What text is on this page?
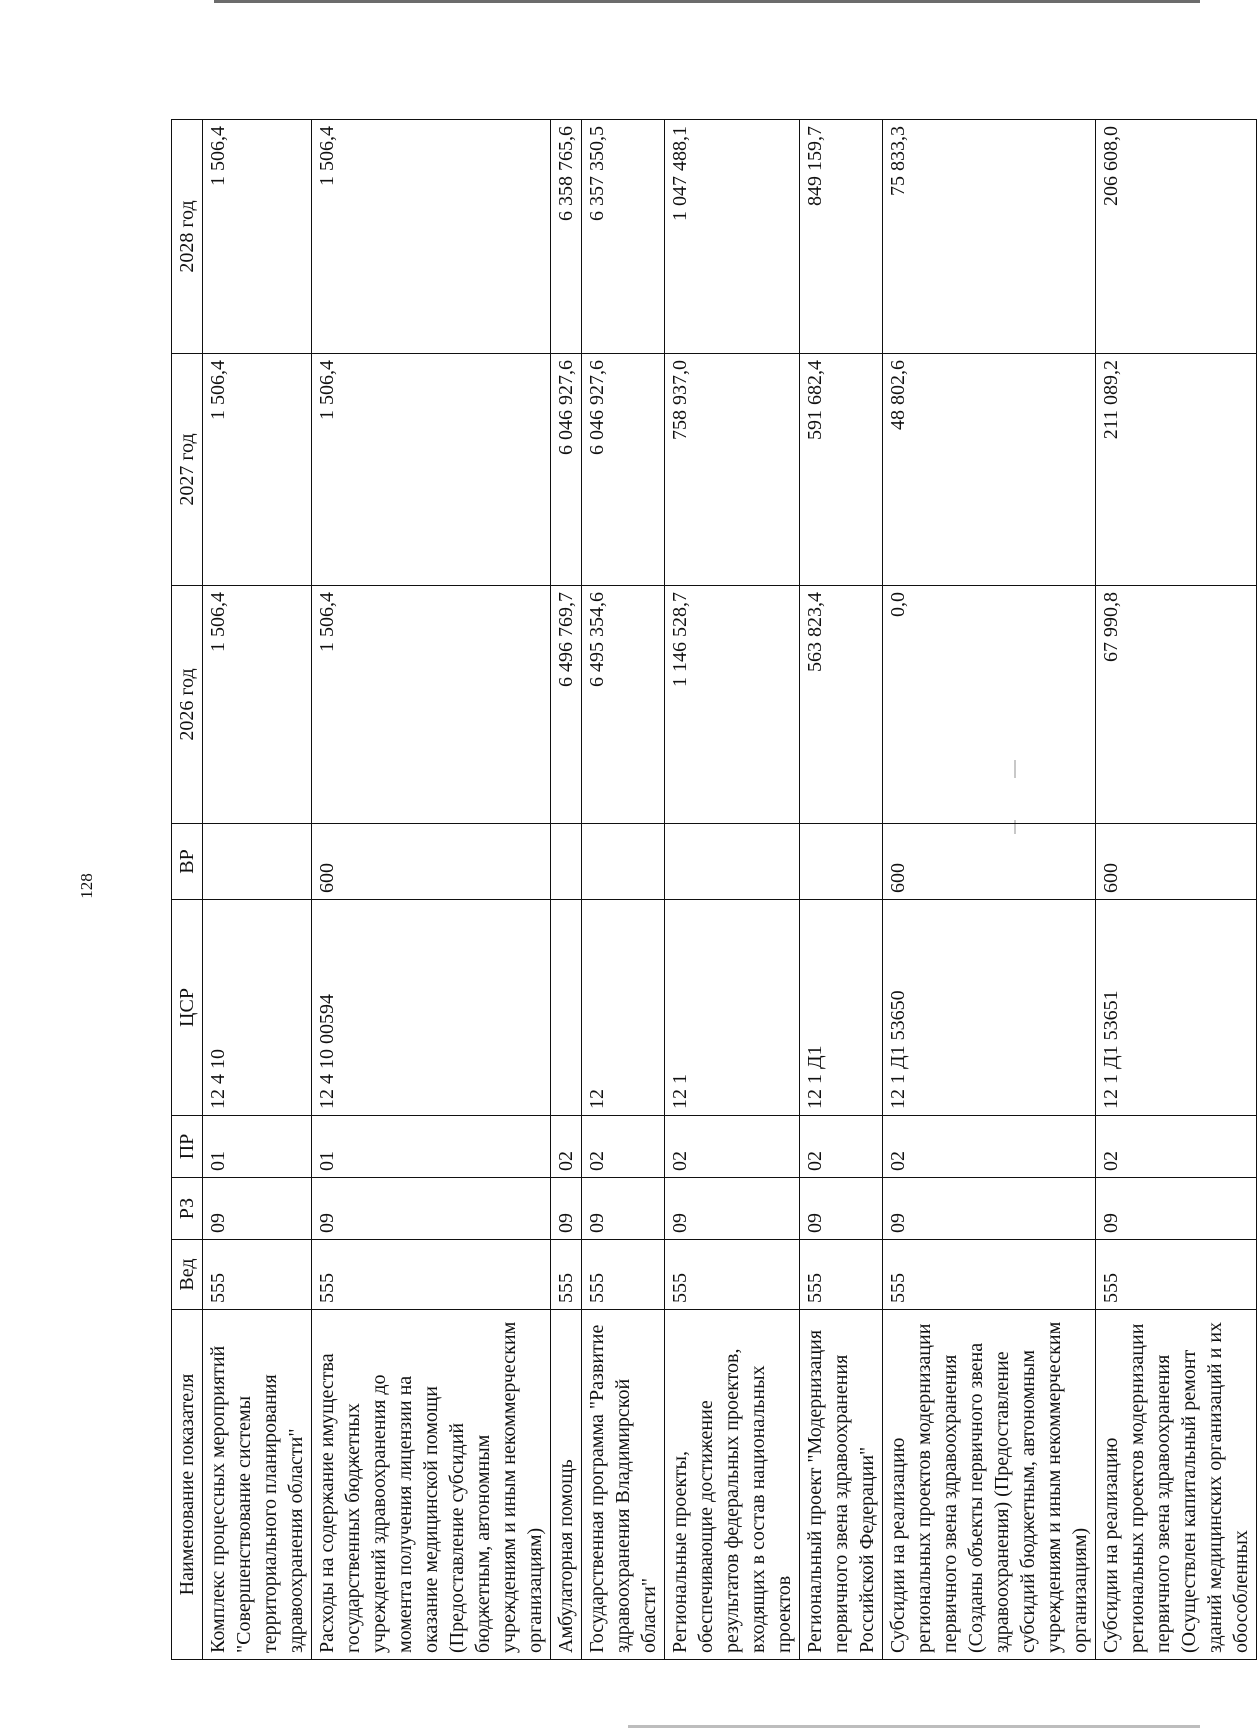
128
Наименование показателя	Вед	РЗ	ПР	ЦСР	ВР	2026 год	2027 год	2028 год
Комплекс процессных мероприятий "Совершенствование системы территориального планирования здравоохранения области"	555	09	01	12 4 10		1 506,4	1 506,4	1 506,4
Расходы на содержание имущества государственных бюджетных учреждений здравоохранения до момента получения лицензии на оказание медицинской помощи (Предоставление субсидий бюджетным, автономным учреждениям и иным некоммерческим организациям)	555	09	01	12 4 10 00594	600	1 506,4	1 506,4	1 506,4
Амбулаторная помощь	555	09	02			6 496 769,7	6 046 927,6	6 358 765,6
Государственная программа "Развитие здравоохранения Владимирской области"	555	09	02	12		6 495 354,6	6 046 927,6	6 357 350,5
Региональные проекты, обеспечивающие достижение результатов федеральных проектов, входящих в состав национальных проектов	555	09	02	12 1		1 146 528,7	758 937,0	1 047 488,1
Региональный проект "Модернизация первичного звена здравоохранения Российской Федерации"	555	09	02	12 1 Д1		563 823,4	591 682,4	849 159,7
Субсидии на реализацию региональных проектов модернизации первичного звена здравоохранения (Созданы объекты первичного звена здравоохранения) (Предоставление субсидий бюджетным, автономным учреждениям и иным некоммерческим организациям)	555	09	02	12 1 Д1 53650	600	0,0	48 802,6	75 833,3
Субсидии на реализацию региональных проектов модернизации первичного звена здравоохранения (Осуществлен капитальный ремонт зданий медицинских организаций и их обособленных	555	09	02	12 1 Д1 53651	600	67 990,8	211 089,2	206 608,0
